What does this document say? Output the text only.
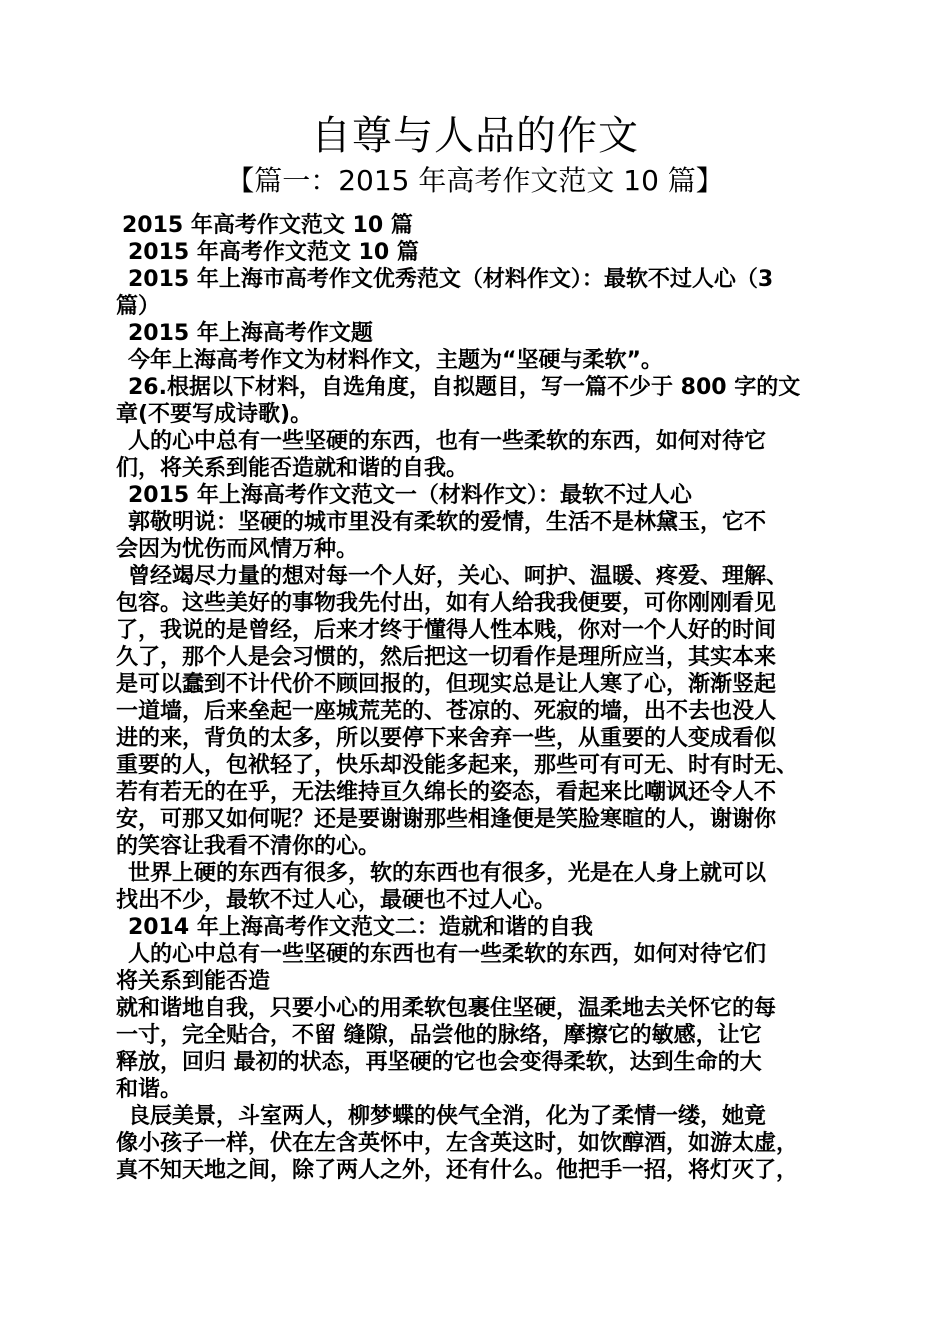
自尊与人品的作文
【篇一：2015 年高考作文范文 10 篇】
2015 年高考作文范文 10 篇
2015 年高考作文范文 10 篇
2015 年上海市高考作文优秀范文（材料作文）：最软不过人心（3
篇）
2015 年上海高考作文题
今年上海高考作文为材料作文，主题为“坚硬与柔软”。
26.根据以下材料，自选角度，自拟题目，写一篇不少于 800 字的文
章(不要写成诗歌)。
人的心中总有一些坚硬的东西，也有一些柔软的东西，如何对待它
们，将关系到能否造就和谐的自我。
2015 年上海高考作文范文一（材料作文）：最软不过人心
郭敬明说：坚硬的城市里没有柔软的爱情，生活不是林黛玉，它不
会因为忧伤而风情万种。
曾经竭尽力量的想对每一个人好，关心、呵护、温暖、疼爱、理解、
包容。这些美好的事物我先付出，如有人给我我便要，可你刚刚看见
了，我说的是曾经，后来才终于懂得人性本贱，你对一个人好的时间
久了，那个人是会习惯的，然后把这一切看作是理所应当，其实本来
是可以蠢到不计代价不顾回报的，但现实总是让人寒了心，渐渐竖起
一道墙，后来垒起一座城荒芜的、苍凉的、死寂的墙，出不去也没人
进的来，背负的太多，所以要停下来舍弃一些，从重要的人变成看似
重要的人，包袱轻了，快乐却没能多起来，那些可有可无、时有时无、
若有若无的在乎，无法维持亘久绵长的姿态，看起来比嘲讽还令人不
安，可那又如何呢？还是要谢谢那些相逢便是笑脸寒暄的人，谢谢你
的笑容让我看不清你的心。
世界上硬的东西有很多，软的东西也有很多，光是在人身上就可以
找出不少，最软不过人心，最硬也不过人心。
2014 年上海高考作文范文二：造就和谐的自我
人的心中总有一些坚硬的东西也有一些柔软的东西，如何对待它们
将关系到能否造
就和谐地自我，只要小心的用柔软包裹住坚硬，温柔地去关怀它的每
一寸，完全贴合，不留 缝隙，品尝他的脉络，摩擦它的敏感，让它
释放，回归 最初的状态，再坚硬的它也会变得柔软，达到生命的大
和谐。
良辰美景，斗室两人，柳梦蝶的侠气全消，化为了柔情一缕，她竟
像小孩子一样，伏在左含英怀中，左含英这时，如饮醇酒，如游太虚，
真不知天地之间，除了两人之外，还有什么。他把手一招，将灯灭了，
